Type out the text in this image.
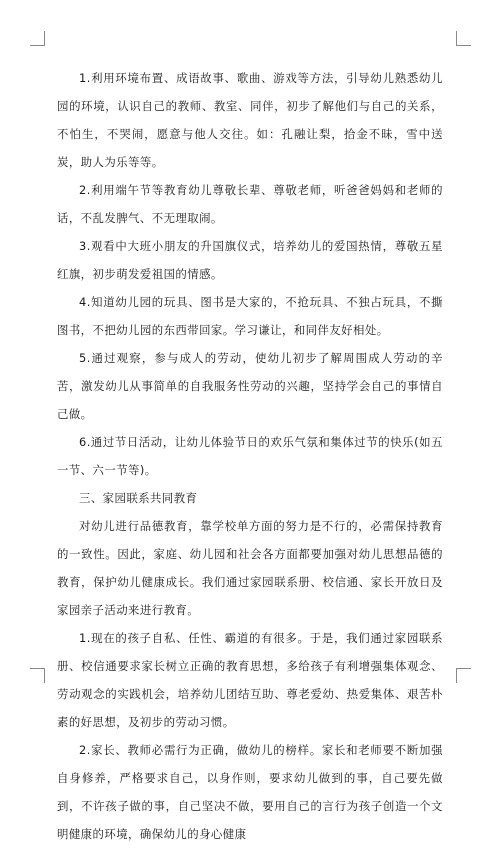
1.利用环境布置、成语故事、歌曲、游戏等方法，引导幼儿熟悉幼儿园的环境，认识自己的教师、教室、同伴，初步了解他们与自己的关系，不怕生，不哭闹，愿意与他人交往。如：孔融让梨，拾金不昧，雪中送炭，助人为乐等等。

2.利用端午节等教育幼儿尊敬长辈、尊敬老师，听爸爸妈妈和老师的话，不乱发脾气、不无理取闹。

3.观看中大班小朋友的升国旗仪式，培养幼儿的爱国热情，尊敬五星红旗，初步萌发爱祖国的情感。

4.知道幼儿园的玩具、图书是大家的，不抢玩具、不独占玩具，不撕图书，不把幼儿园的东西带回家。学习谦让，和同伴友好相处。

5.通过观察，参与成人的劳动，使幼儿初步了解周围成人劳动的辛苦，激发幼儿从事简单的自我服务性劳动的兴趣，坚持学会自己的事情自己做。

6.通过节日活动，让幼儿体验节日的欢乐气氛和集体过节的快乐(如五一节、六一节等)。

三、家园联系共同教育

对幼儿进行品德教育，靠学校单方面的努力是不行的，必需保持教育的一致性。因此，家庭、幼儿园和社会各方面都要加强对幼儿思想品德的教育，保护幼儿健康成长。我们通过家园联系册、校信通、家长开放日及家园亲子活动来进行教育。

1.现在的孩子自私、任性、霸道的有很多。于是，我们通过家园联系册、校信通要求家长树立正确的教育思想，多给孩子有利增强集体观念、劳动观念的实践机会，培养幼儿团结互助、尊老爱幼、热爱集体、艰苦朴素的好思想，及初步的劳动习惯。

2.家长、教师必需行为正确，做幼儿的榜样。家长和老师要不断加强自身修养，严格要求自己，以身作则，要求幼儿做到的事，自己要先做到，不许孩子做的事，自己坚决不做，要用自己的言行为孩子创造一个文明健康的环境，确保幼儿的身心健康
